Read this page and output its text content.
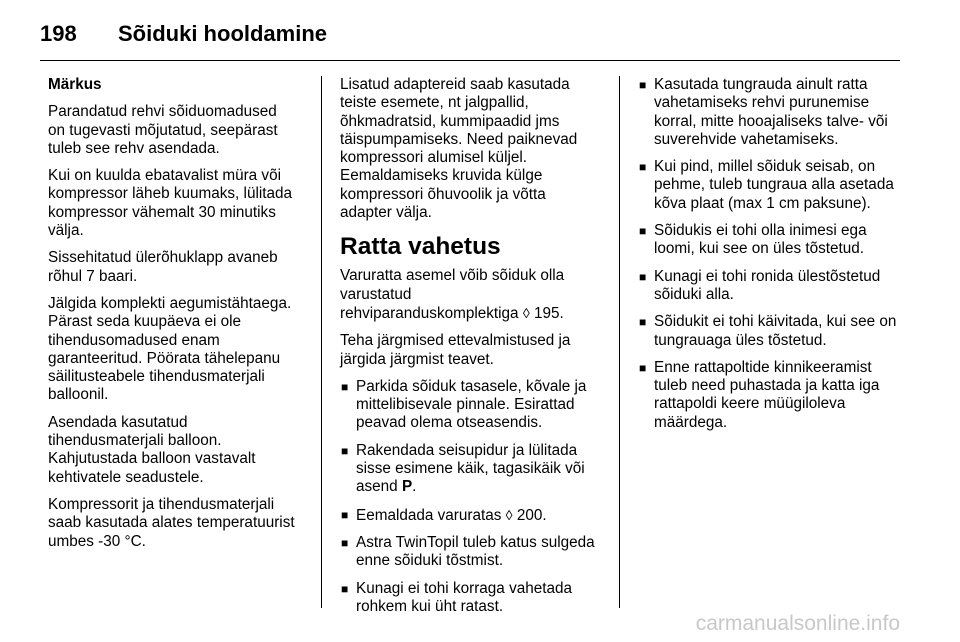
198	Sõiduki hooldamine

Märkus

Parandatud rehvi sõiduomadused
on tugevasti mõjutatud, seepärast
tuleb see rehv asendada.

Kui on kuulda ebatavalist müra või
kompressor läheb kuumaks, lülitada
kompressor vähemalt 30 minutiks
välja.

Sissehitatud ülerõhuklapp avaneb
rõhul 7 baari.

Jälgida komplekti aegumistähtaega.
Pärast seda kuupäeva ei ole
tihendusomadused enam
garanteeritud. Pöörata tähelepanu
säilitusteabele tihendusmaterjali
balloonil.

Asendada kasutatud
tihendusmaterjali balloon.
Kahjutustada balloon vastavalt
kehtivatele seadustele.

Kompressorit ja tihendusmaterjali
saab kasutada alates temperatuurist
umbes -30 °C.

Lisatud adaptereid saab kasutada
teiste esemete, nt jalgpallid,
õhkmadratsid, kummipaadid jms
täispumpamiseks. Need paiknevad
kompressori alumisel küljel.
Eemaldamiseks kruvida külge
kompressori õhuvoolik ja võtta
adapter välja.

Ratta vahetus

Varuratta asemel võib sõiduk olla
varustatud
rehviparanduskomplektiga ◊ 195.

Teha järgmised ettevalmistused ja
järgida järgmist teavet.

■ Parkida sõiduk tasasele, kõvale ja
mittelibisevale pinnale. Esirattad
peavad olema otseasendis.
■ Rakendada seisupidur ja lülitada
sisse esimene käik, tagasikäik või
asend P.
■ Eemaldada varuratas ◊ 200.
■ Astra TwinTopil tuleb katus sulgeda
enne sõiduki tõstmist.
■ Kunagi ei tohi korraga vahetada
rohkem kui üht ratast.
■ Kasutada tungrauda ainult ratta
vahetamiseks rehvi purunemise
korral, mitte hooajaliseks talve- või
suverehvide vahetamiseks.
■ Kui pind, millel sõiduk seisab, on
pehme, tuleb tungraua alla asetada
kõva plaat (max 1 cm paksune).
■ Sõidukis ei tohi olla inimesi ega
loomi, kui see on üles tõstetud.
■ Kunagi ei tohi ronida ülestõstetud
sõiduki alla.
■ Sõidukit ei tohi käivitada, kui see on
tungrauaga üles tõstetud.
■ Enne rattapoltide kinnikeeramist
tuleb need puhastada ja katta iga
rattapoldi keere müügiloleva
määrdega.
carmanualsonline.info
